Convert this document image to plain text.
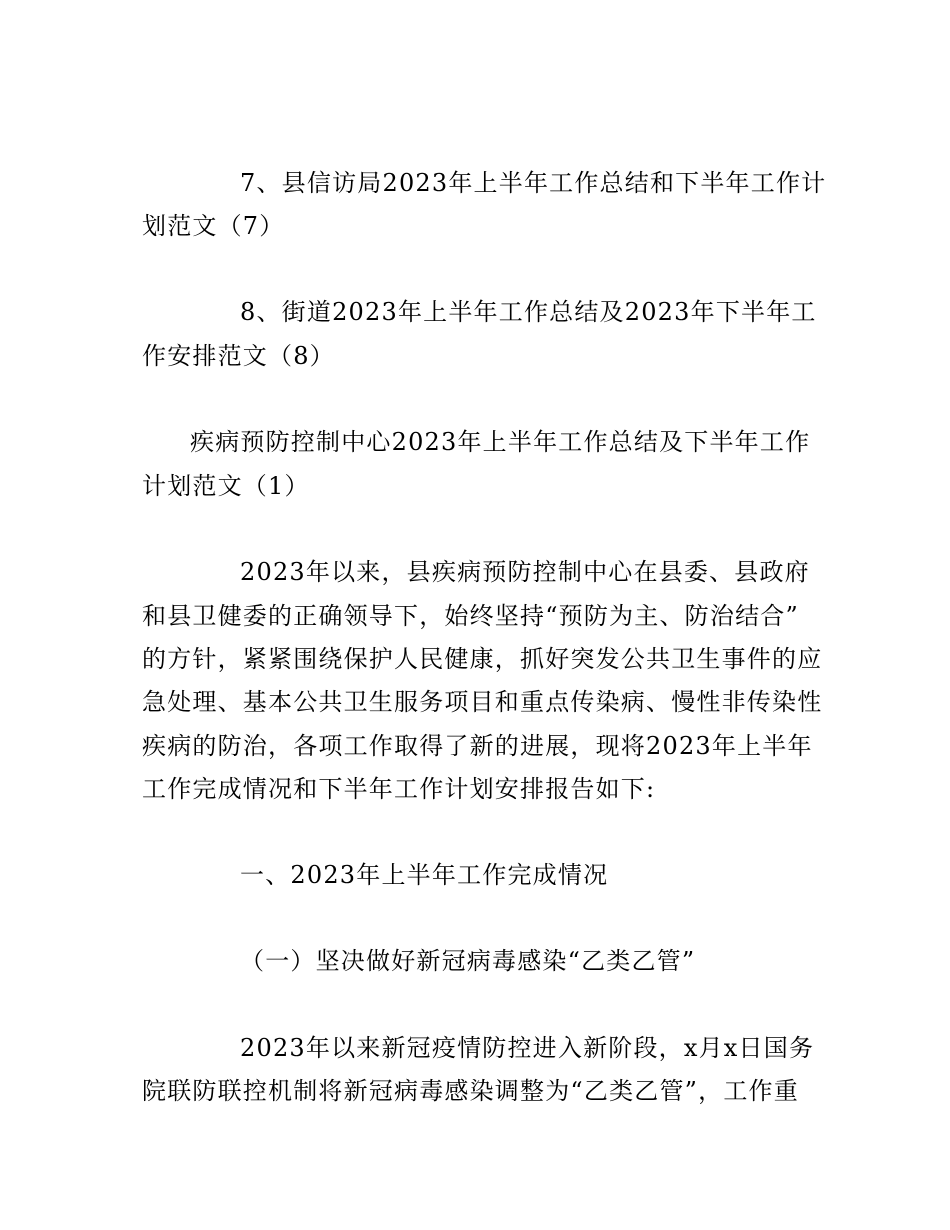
7、县信访局2023年上半年工作总结和下半年工作计
划范文（7）
8、街道2023年上半年工作总结及2023年下半年工
作安排范文（8）
疾病预防控制中心2023年上半年工作总结及下半年工作
计划范文（1）
2023年以来，县疾病预防控制中心在县委、县政府
和县卫健委的正确领导下，始终坚持“预防为主、防治结合”
的方针，紧紧围绕保护人民健康，抓好突发公共卫生事件的应
急处理、基本公共卫生服务项目和重点传染病、慢性非传染性
疾病的防治，各项工作取得了新的进展，现将2023年上半年
工作完成情况和下半年工作计划安排报告如下:
一、2023年上半年工作完成情况
（一）坚决做好新冠病毒感染“乙类乙管”
2023年以来新冠疫情防控进入新阶段，x月x日国务
院联防联控机制将新冠病毒感染调整为“乙类乙管”，工作重
